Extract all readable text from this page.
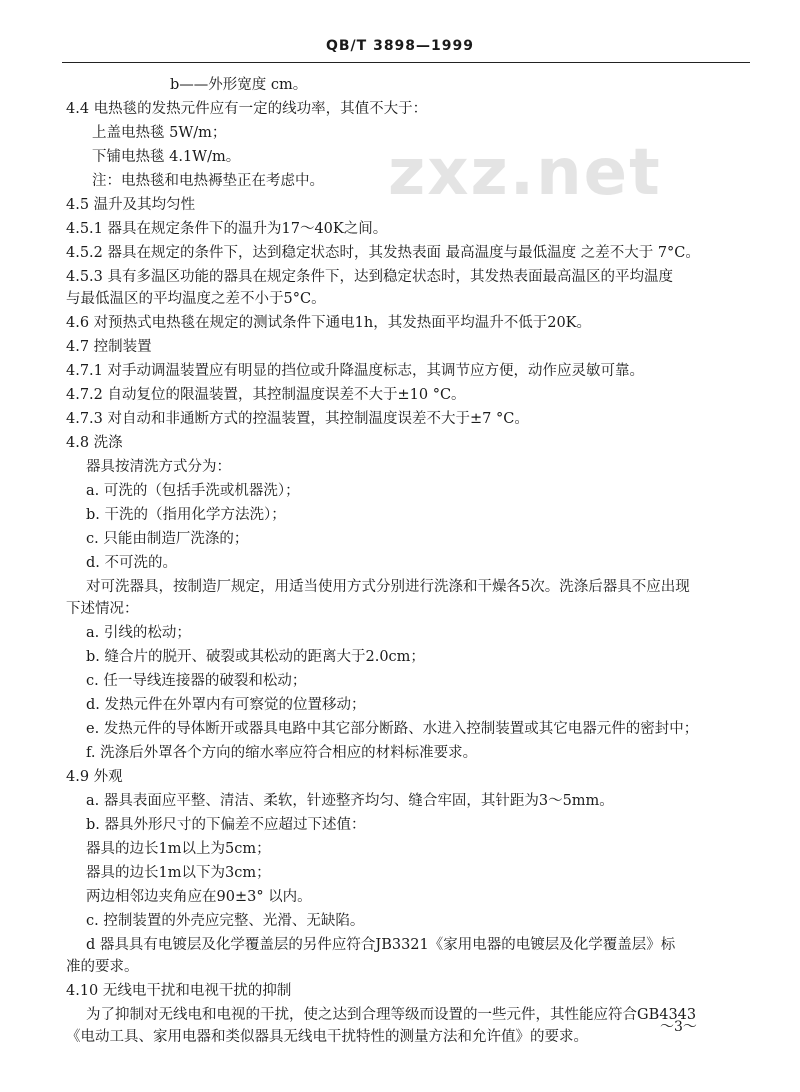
QB/T 3898—1999
zxz.net
b——外形宽度 cm。
4.4 电热毯的发热元件应有一定的线功率，其值不大于：
上盖电热毯 5W/m；
下铺电热毯 4.1W/m。
注：电热毯和电热褥垫正在考虑中。
4.5 温升及其均匀性
4.5.1 器具在规定条件下的温升为17～40K之间。
4.5.2 器具在规定的条件下，达到稳定状态时，其发热表面 最高温度与最低温度 之差不大于 7°C。
4.5.3 具有多温区功能的器具在规定条件下，达到稳定状态时，其发热表面最高温区的平均温度
与最低温区的平均温度之差不小于5°C。
4.6 对预热式电热毯在规定的测试条件下通电1h，其发热面平均温升不低于20K。
4.7 控制装置
4.7.1 对手动调温装置应有明显的挡位或升降温度标志，其调节应方便，动作应灵敏可靠。
4.7.2 自动复位的限温装置，其控制温度误差不大于±10 °C。
4.7.3 对自动和非通断方式的控温装置，其控制温度误差不大于±7 °C。
4.8 洗涤
器具按清洗方式分为：
a. 可洗的（包括手洗或机器洗）；
b. 干洗的（指用化学方法洗）；
c. 只能由制造厂洗涤的；
d. 不可洗的。
对可洗器具，按制造厂规定，用适当使用方式分别进行洗涤和干燥各5次。洗涤后器具不应出现
下述情况：
a. 引线的松动；
b. 缝合片的脱开、破裂或其松动的距离大于2.0cm；
c. 任一导线连接器的破裂和松动；
d. 发热元件在外罩内有可察觉的位置移动；
e. 发热元件的导体断开或器具电路中其它部分断路、水进入控制装置或其它电器元件的密封中；
f. 洗涤后外罩各个方向的缩水率应符合相应的材料标准要求。
4.9 外观
a. 器具表面应平整、清洁、柔软，针迹整齐均匀、缝合牢固，其针距为3～5mm。
b. 器具外形尺寸的下偏差不应超过下述值：
器具的边长1m以上为5cm；
器具的边长1m以下为3cm；
两边相邻边夹角应在90±3° 以内。
c. 控制装置的外壳应完整、光滑、无缺陷。
d 器具具有电镀层及化学覆盖层的另件应符合JB3321《家用电器的电镀层及化学覆盖层》标
准的要求。
4.10 无线电干扰和电视干扰的抑制
为了抑制对无线电和电视的干扰，使之达到合理等级而设置的一些元件，其性能应符合GB4343
《电动工具、家用电器和类似器具无线电干扰特性的测量方法和允许值》的要求。
～3～
